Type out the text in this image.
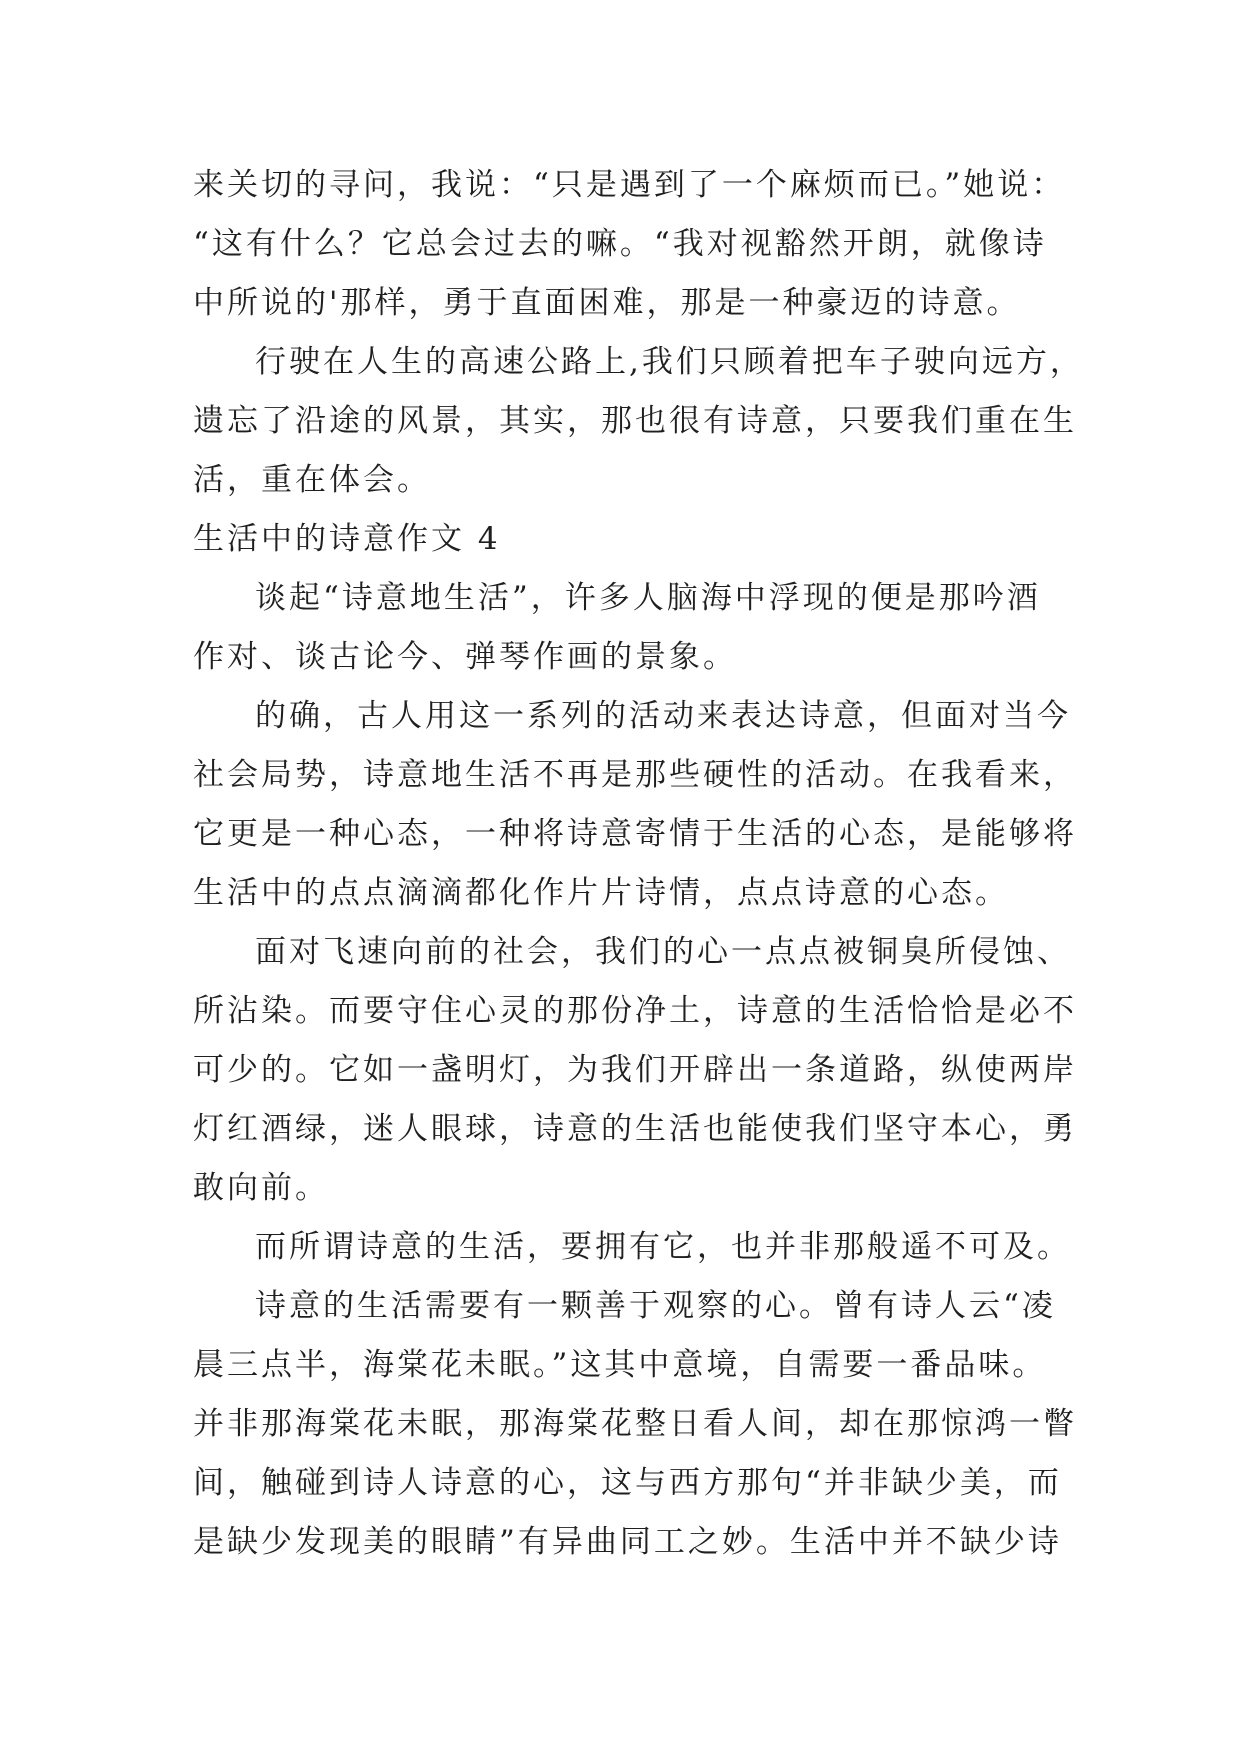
来关切的寻问，我说：“只是遇到了一个麻烦而已。”她说：
“这有什么？它总会过去的嘛。“我对视豁然开朗，就像诗
中所说的'那样，勇于直面困难，那是一种豪迈的诗意。
行驶在人生的高速公路上,我们只顾着把车子驶向远方，
遗忘了沿途的风景，其实，那也很有诗意，只要我们重在生
活，重在体会。
生活中的诗意作文 4
谈起“诗意地生活”，许多人脑海中浮现的便是那吟酒
作对、谈古论今、弹琴作画的景象。
的确，古人用这一系列的活动来表达诗意，但面对当今
社会局势，诗意地生活不再是那些硬性的活动。在我看来，
它更是一种心态，一种将诗意寄情于生活的心态，是能够将
生活中的点点滴滴都化作片片诗情，点点诗意的心态。
面对飞速向前的社会，我们的心一点点被铜臭所侵蚀、
所沾染。而要守住心灵的那份净土，诗意的生活恰恰是必不
可少的。它如一盏明灯，为我们开辟出一条道路，纵使两岸
灯红酒绿，迷人眼球，诗意的生活也能使我们坚守本心，勇
敢向前。
而所谓诗意的生活，要拥有它，也并非那般遥不可及。
诗意的生活需要有一颗善于观察的心。曾有诗人云“凌
晨三点半，海棠花未眠。”这其中意境，自需要一番品味。
并非那海棠花未眠，那海棠花整日看人间，却在那惊鸿一瞥
间，触碰到诗人诗意的心，这与西方那句“并非缺少美，而
是缺少发现美的眼睛”有异曲同工之妙。生活中并不缺少诗
